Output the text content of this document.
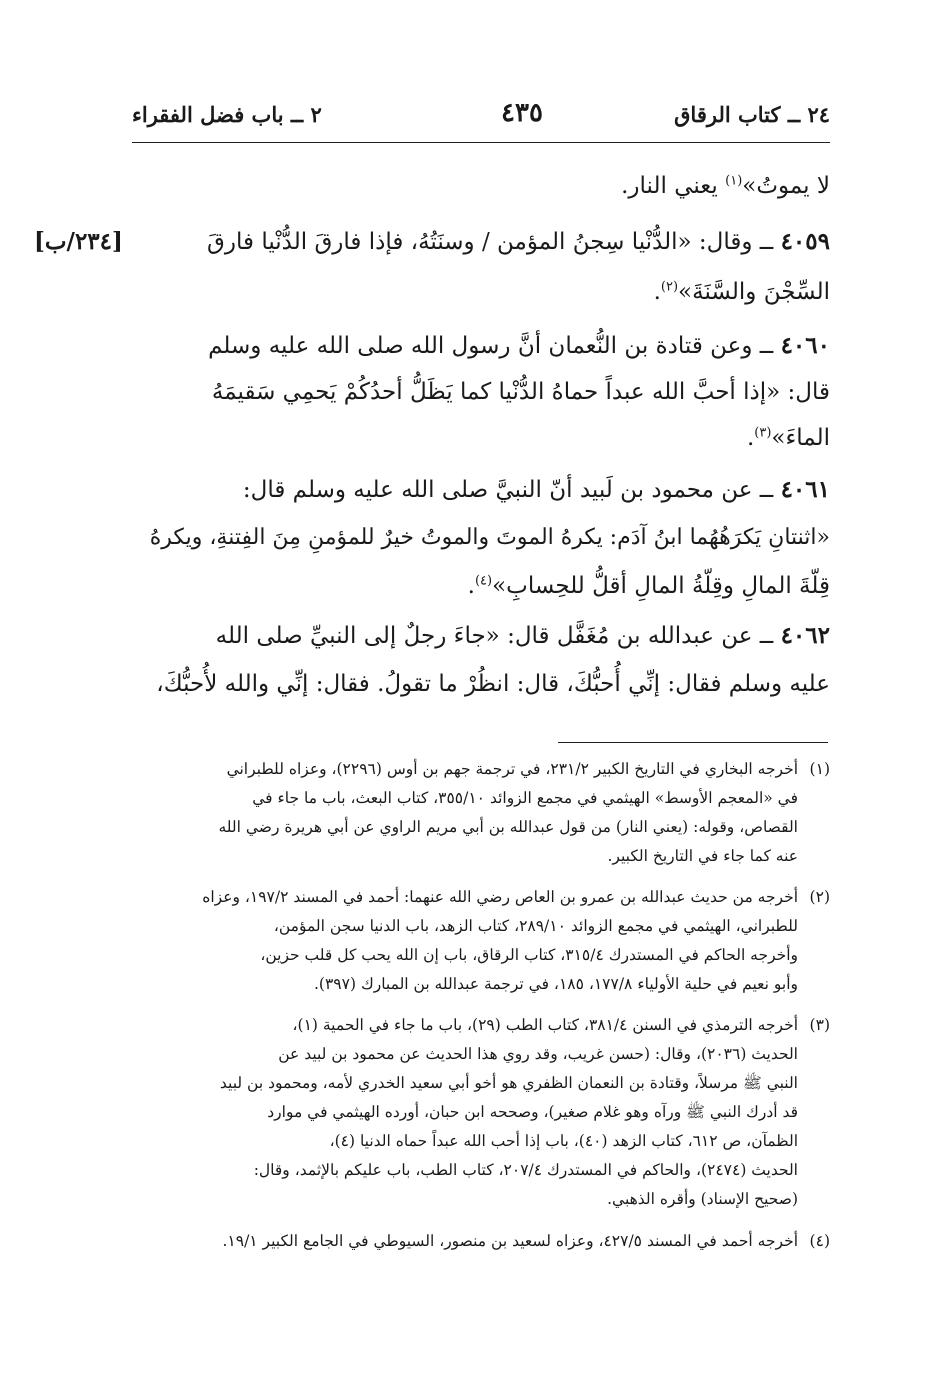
٢٤ ــ كتاب الرقاق
٤٣٥
٢ ــ باب فضل الفقراء
لا يموتُ»$^{(١)}$ يعني النار.
٤٠٥٩ ــ وقال: «الدُّنْيا سِجنُ المؤمن / وسنَتُهُ، فإذا فارقَ الدُّنْيا فارقَ
[٢٣٤/ب]
السِّجْنَ والسَّنَةَ»$^{(٢)}$.
٤٠٦٠ ــ وعن قتادة بن النُّعمان أنَّ رسول الله صلى الله عليه وسلم
قال: «إذا أحبَّ الله عبداً حماهُ الدُّنْيا كما يَظَلُّ أحدُكُمْ يَحمِي سَقيمَهُ
الماءَ»$^{(٣)}$.
٤٠٦١ ــ عن محمود بن لَبيد أنّ النبيَّ صلى الله عليه وسلم قال:
«اثنتانِ يَكرَهُهُما ابنُ آدَم: يكرهُ الموتَ والموتُ خيرٌ للمؤمنِ مِنَ الفِتنةِ، ويكرهُ
قِلّةَ المالِ وقِلّةُ المالِ أقلُّ للحِسابِ»$^{(٤)}$.
٤٠٦٢ ــ عن عبدالله بن مُغَفَّل قال: «جاءَ رجلٌ إلى النبيِّ صلى الله
عليه وسلم فقال: إنِّي أُحبُّكَ، قال: انظُرْ ما تقولُ. فقال: إنِّي والله لأُحبُّكَ،
(١)
أخرجه البخاري في التاريخ الكبير ٢٣١/٢، في ترجمة جهم بن أوس (٢٢٩٦)، وعزاه للطبراني
في «المعجم الأوسط» الهيثمي في مجمع الزوائد ٣٥٥/١٠، كتاب البعث، باب ما جاء في
القصاص، وقوله: (يعني النار) من قول عبدالله بن أبي مريم الراوي عن أبي هريرة رضي الله
عنه كما جاء في التاريخ الكبير.
(٢)
أخرجه من حديث عبدالله بن عمرو بن العاص رضي الله عنهما: أحمد في المسند ١٩٧/٢، وعزاه
للطبراني، الهيثمي في مجمع الزوائد ٢٨٩/١٠، كتاب الزهد، باب الدنيا سجن المؤمن،
وأخرجه الحاكم في المستدرك ٣١٥/٤، كتاب الرقاق، باب إن الله يحب كل قلب حزين،
وأبو نعيم في حلية الأولياء ١٧٧/٨، ١٨٥، في ترجمة عبدالله بن المبارك (٣٩٧).
(٣)
أخرجه الترمذي في السنن ٣٨١/٤، كتاب الطب (٢٩)، باب ما جاء في الحمية (١)،
الحديث (٢٠٣٦)، وقال: (حسن غريب، وقد روي هذا الحديث عن محمود بن لبيد عن
النبي ﷺ مرسلاً، وقتادة بن النعمان الظفري هو أخو أبي سعيد الخدري لأمه، ومحمود بن لبيد
قد أدرك النبي ﷺ ورآه وهو غلام صغير)، وصححه ابن حبان، أورده الهيثمي في موارد
الظمآن، ص ٦١٢، كتاب الزهد (٤٠)، باب إذا أحب الله عبداً حماه الدنيا (٤)،
الحديث (٢٤٧٤)، والحاكم في المستدرك ٢٠٧/٤، كتاب الطب، باب عليكم بالإثمد، وقال:
(صحيح الإسناد) وأقره الذهبي.
(٤)
أخرجه أحمد في المسند ٤٢٧/٥، وعزاه لسعيد بن منصور، السيوطي في الجامع الكبير ١٩/١.
